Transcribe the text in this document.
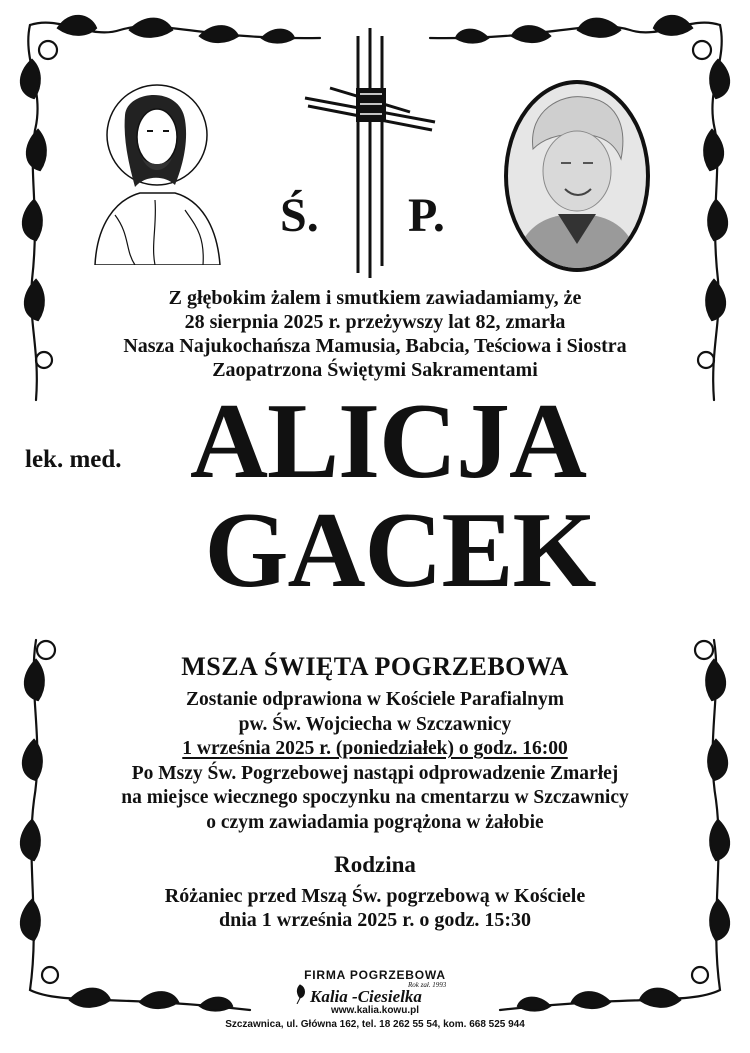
Ś. P.
Z głębokim żalem i smutkiem zawiadamiamy, że
28 sierpnia 2025 r. przeżywszy lat 82, zmarła
Nasza Najukochańsza Mamusia, Babcia, Teściowa i Siostra
Zaopatrzona Świętymi Sakramentami
lek. med. ALICJA
GACEK
MSZA ŚWIĘTA POGRZEBOWA
Zostanie odprawiona w Kościele Parafialnym
pw. Św. Wojciecha w Szczawnicy
1 września 2025 r. (poniedziałek) o godz. 16:00
Po Mszy Św. Pogrzebowej nastąpi odprowadzenie Zmarłej
na miejsce wiecznego spoczynku na cmentarzu w Szczawnicy
o czym zawiadamia pogrążona w żałobie
Rodzina
Różaniec przed Mszą Św. pogrzebową w Kościele
dnia 1 września 2025 r. o godz. 15:30
FIRMA POGRZEBOWA
Rok zał. 1993
Kalia -Ciesielka
www.kalia.kowu.pl
Szczawnica, ul. Główna 162, tel. 18 262 55 54, kom. 668 525 944
